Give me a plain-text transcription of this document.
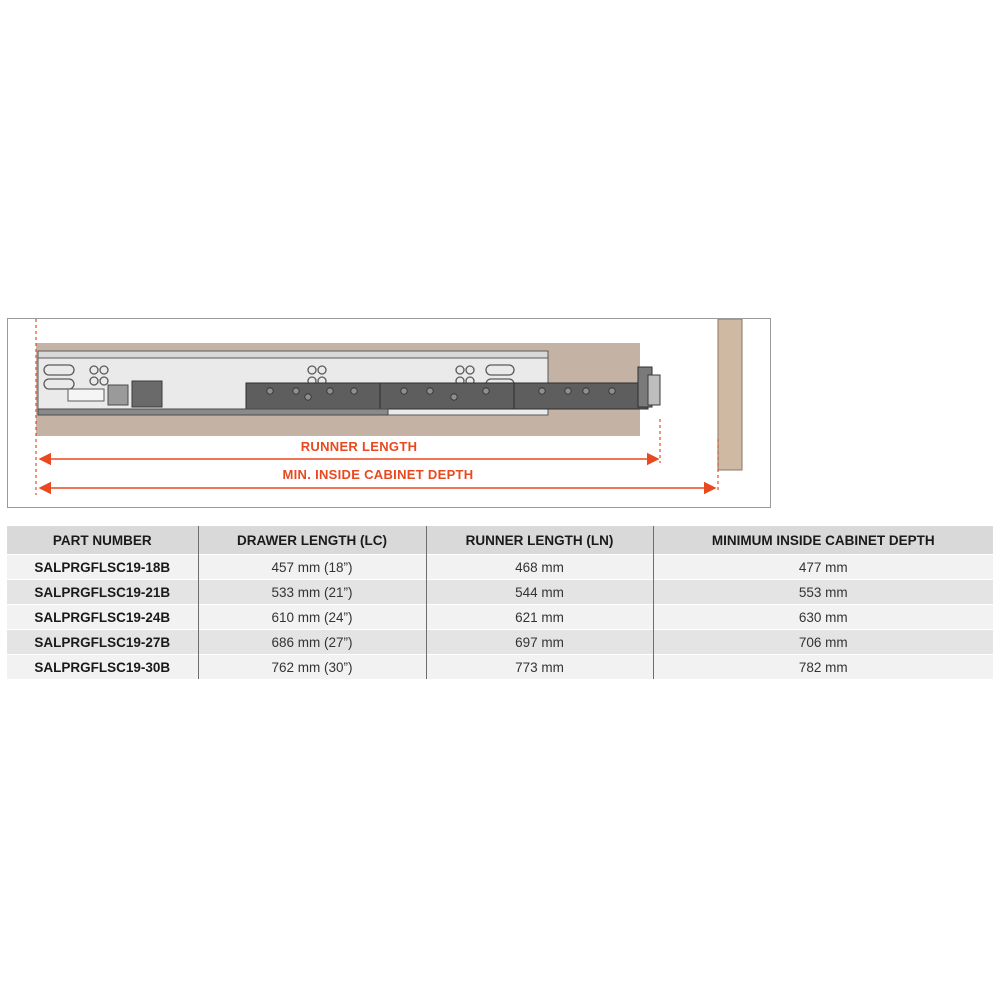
RUNNER LENGTH
MIN. INSIDE CABINET DEPTH
PART NUMBER	DRAWER LENGTH (LC)	RUNNER LENGTH (LN)	MINIMUM INSIDE CABINET DEPTH
SALPRGFLSC19-18B	457 mm (18”)	468 mm	477 mm
SALPRGFLSC19-21B	533 mm (21”)	544 mm	553 mm
SALPRGFLSC19-24B	610 mm (24”)	621 mm	630 mm
SALPRGFLSC19-27B	686 mm (27”)	697 mm	706 mm
SALPRGFLSC19-30B	762 mm (30”)	773 mm	782 mm
